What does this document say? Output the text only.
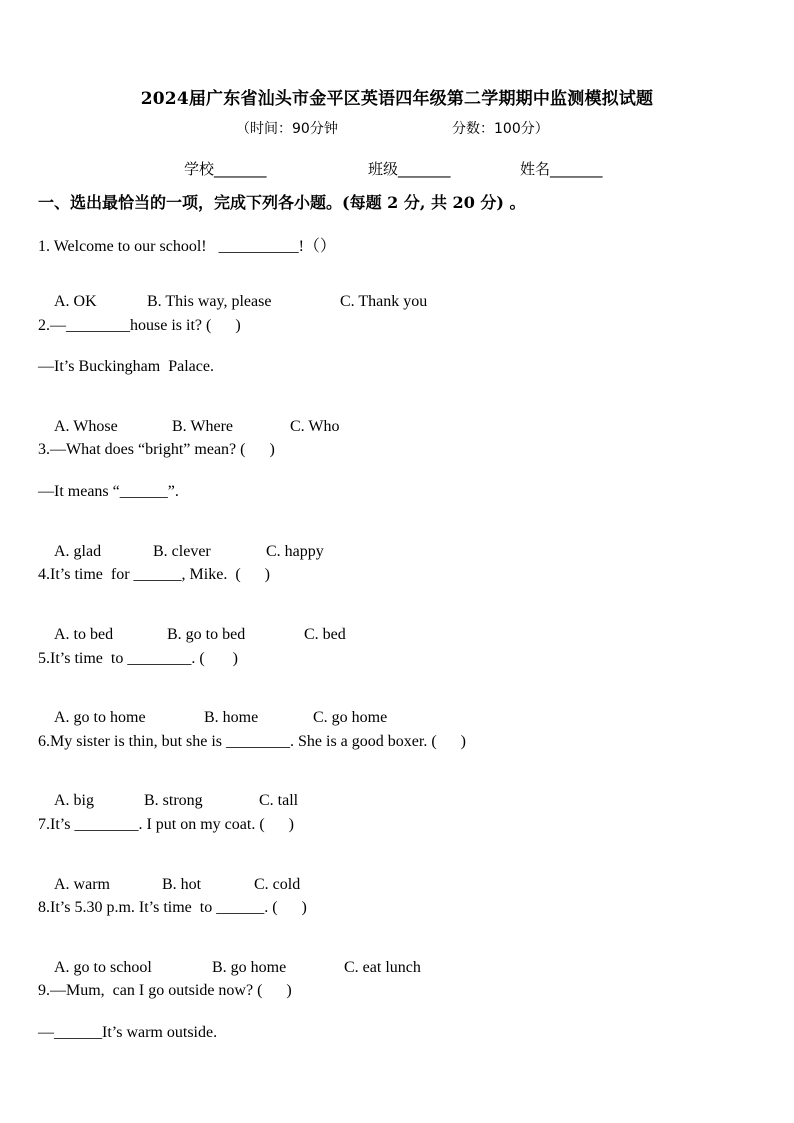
2024届广东省汕头市金平区英语四年级第二学期期中监测模拟试题
（时间：90分钟	分数：100分）
学校_______	班级_______	姓名_______
一、选出最恰当的一项，完成下列各小题。(每题 2 分, 共 20 分) 。
1. Welcome to our school!   __________!（）

A. OK	B. This way, please	C. Thank you

2.—________house is it? (      )
—It’s Buckingham  Palace.

A. Whose	B. Where	C. Who

3.—What does “bright” mean? (      )
—It means “______”.

A. glad	B. clever	C. happy

4.It’s time  for ______, Mike.  (      )

A. to bed	B. go to bed	C. bed

5.It’s time  to ________. (       )

A. go to home	B. home	C. go home

6.My sister is thin, but she is ________. She is a good boxer. (      )

A. big	B. strong	C. tall

7.It’s ________. I put on my coat. (      )

A. warm	B. hot	C. cold

8.It’s 5.30 p.m. It’s time  to ______. (      )

A. go to school	B. go home	C. eat lunch

9.—Mum,  can I go outside now? (      )
—______It’s warm outside.
